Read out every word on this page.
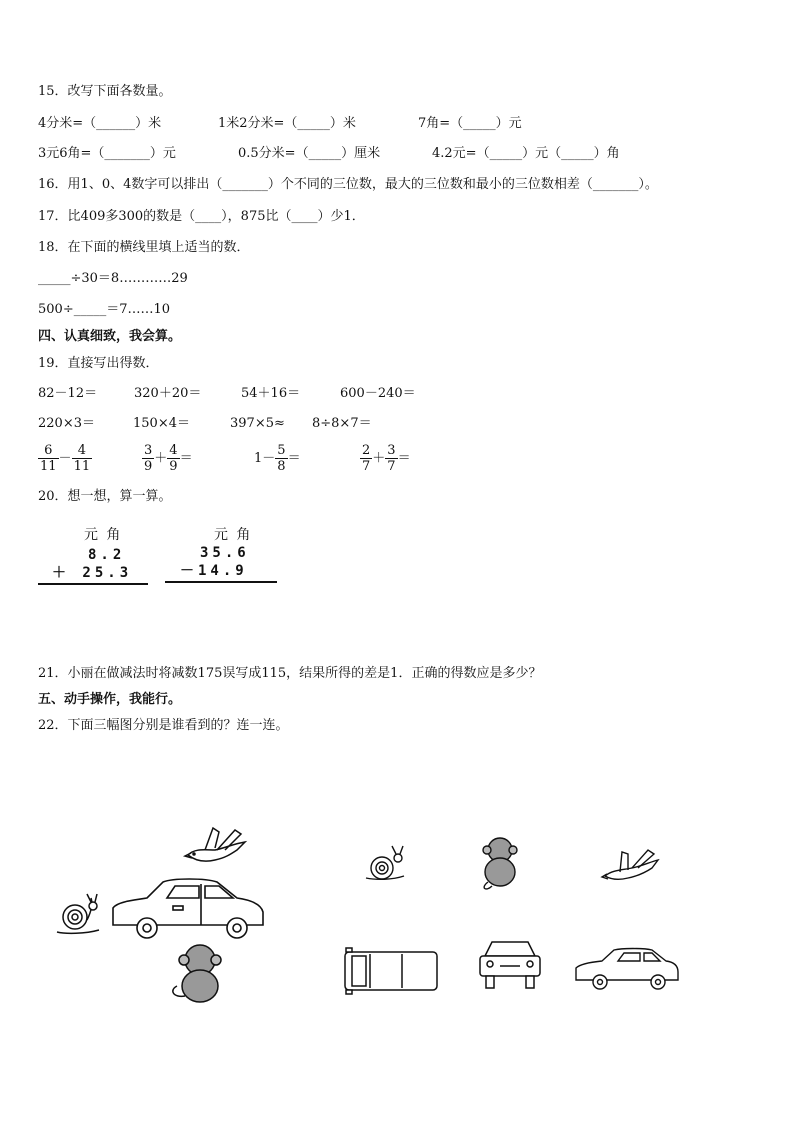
15．改写下面各数量。
4分米=（______）米	1米2分米=（_____）米	7角=（_____）元
3元6角=（_______）元	0.5分米=（_____）厘米	4.2元=（_____）元（_____）角
16．用1、0、4数字可以排出（_______）个不同的三位数，最大的三位数和最小的三位数相差（_______）。
17．比409多300的数是（____），875比（____）少1．
18．在下面的横线里填上适当的数．
_____÷30＝8…………29
500÷_____＝7……10
四、认真细致，我会算。
19．直接写出得数．
82－12＝	320＋20＝	54＋16＝	600－240＝
220×3＝	150×4＝	397×5≈ 8÷8×7＝
$\frac{6}{11} - \frac{4}{11}$	$\frac{3}{9} + \frac{4}{9}$ ＝	$1- \frac{5}{8}$ ＝	$\frac{2}{7} + \frac{3}{7}$ ＝
20．想一想，算一算。
元 角
8.2
＋ 25.3
元 角
35.6
－14.9
21．小丽在做减法时将减数175误写成115，结果所得的差是1．正确的得数应是多少？
五、动手操作，我能行。
22．下面三幅图分别是谁看到的？连一连。
